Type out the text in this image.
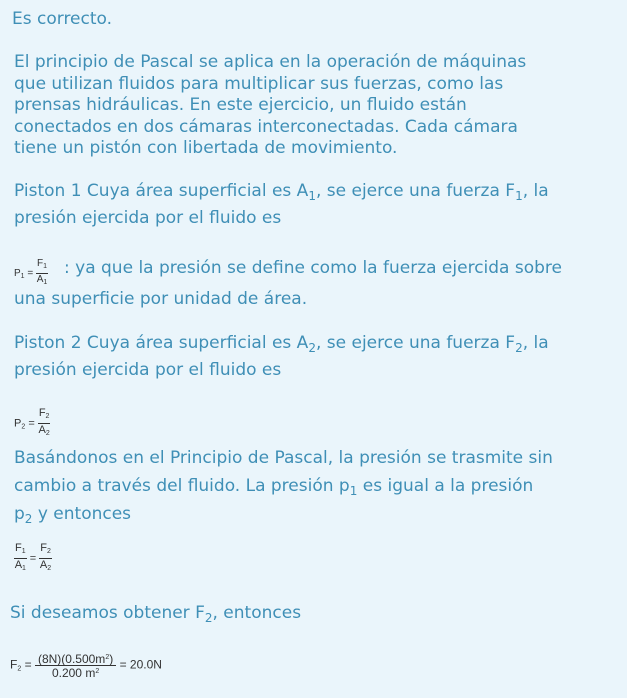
Es correcto.

El principio de Pascal se aplica en la operación de máquinas
que utilizan fluidos para multiplicar sus fuerzas, como las
prensas hidráulicas. En este ejercicio, un fluido están
conectados en dos cámaras interconectadas. Cada cámara
tiene un pistón con libertada de movimiento.

Piston 1 Cuya área superficial es $A_1$, se ejerce una fuerza $F_1$, la
presión ejercida por el fluido es

$P_1 = \frac{F_1}{A_1}$ : ya que la presión se define como la fuerza ejercida sobre
una superficie por unidad de área.

Piston 2 Cuya área superficial es $A_2$, se ejerce una fuerza $F_2$, la
presión ejercida por el fluido es

$P2 = \frac{F2}{A2}$

Basándonos en el Principio de Pascal, la presión se trasmite sin
cambio a través del fluido. La presión $p_1$ es igual a la presión
$p_2$ y entonces

$\frac{F1}{A1} = \frac{F2}{A2}$

Si deseamos obtener $F_2$, entonces

$F2 = \frac{(8N)(0.500m^2)}{0.200 m^2} = 20.0N$
